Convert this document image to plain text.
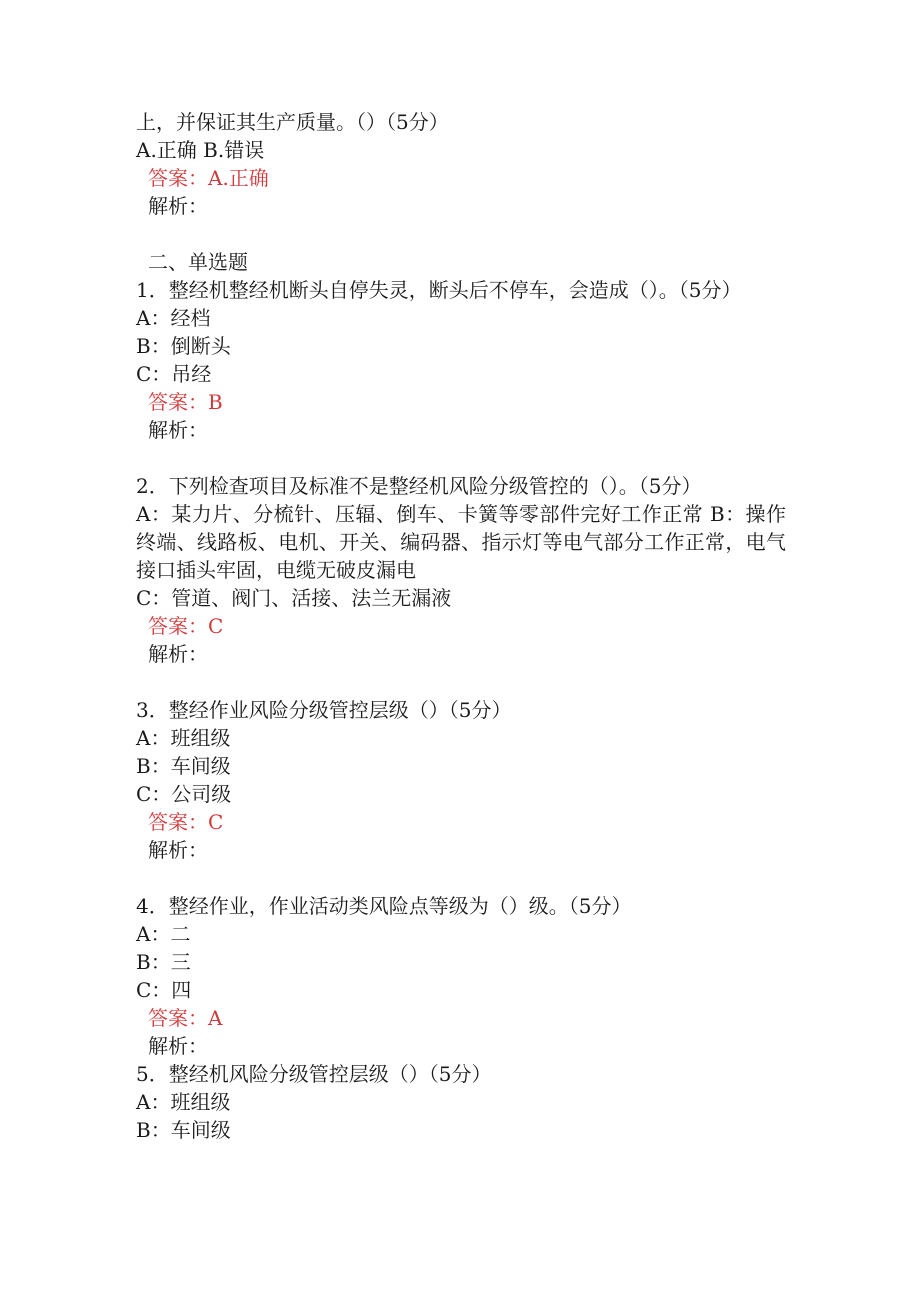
上，并保证其生产质量。（）（5分）

A.正确 B.错误

答案：A.正确

解析：

二、单选题

1．整经机整经机断头自停失灵，断头后不停车，会造成（）。（5分）

A：经档

B：倒断头

C：吊经

答案：B

解析：

2．下列检查项目及标准不是整经机风险分级管控的（）。（5分）

A：某力片、分梳针、压辐、倒车、卡簧等零部件完好工作正常 B：操作终端、线路板、电机、开关、编码器、指示灯等电气部分工作正常，电气接口插头牢固，电缆无破皮漏电

C：管道、阀门、活接、法兰无漏液

答案：C

解析：

3．整经作业风险分级管控层级（）（5分）

A：班组级

B：车间级

C：公司级

答案：C

解析：

4．整经作业，作业活动类风险点等级为（）级。（5分）

A：二

B：三

C：四

答案：A

解析：

5．整经机风险分级管控层级（）（5分）

A：班组级

B：车间级
